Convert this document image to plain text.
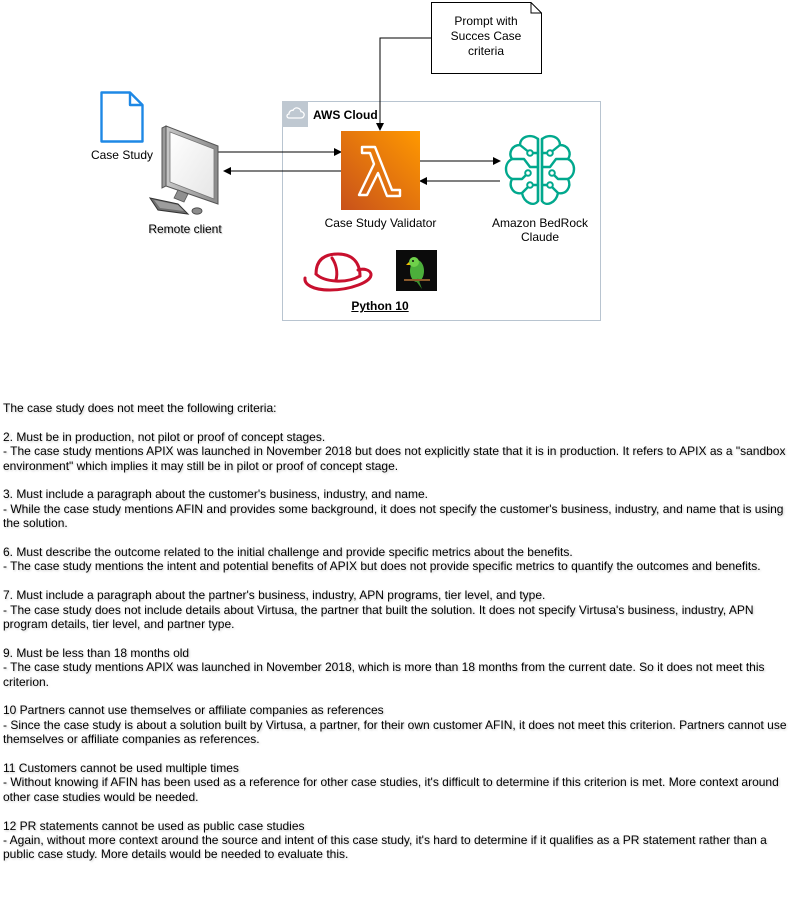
AWS Cloud
Prompt with
Succes Case
criteria
Case Study
Remote client	Case Study Validator	Amazon BedRock
Claude
Python 10

The case study does not meet the following criteria:

2. Must be in production, not pilot or proof of concept stages.

- The case study mentions APIX was launched in November 2018 but does not explicitly state that it is in production. It refers to APIX as a "sandbox environment" which implies it may still be in pilot or proof of concept stage.

3. Must include a paragraph about the customer's business, industry, and name.

- While the case study mentions AFIN and provides some background, it does not specify the customer's business, industry, and name that is using the solution.

6. Must describe the outcome related to the initial challenge and provide specific metrics about the benefits.

- The case study mentions the intent and potential benefits of APIX but does not provide specific metrics to quantify the outcomes and benefits.

7. Must include a paragraph about the partner's business, industry, APN programs, tier level, and type.

- The case study does not include details about Virtusa, the partner that built the solution. It does not specify Virtusa's business, industry, APN program details, tier level, and partner type.

9. Must be less than 18 months old

- The case study mentions APIX was launched in November 2018, which is more than 18 months from the current date. So it does not meet this criterion.

10 Partners cannot use themselves or affiliate companies as references

- Since the case study is about a solution built by Virtusa, a partner, for their own customer AFIN, it does not meet this criterion. Partners cannot use themselves or affiliate companies as references.

11 Customers cannot be used multiple times

- Without knowing if AFIN has been used as a reference for other case studies, it's difficult to determine if this criterion is met. More context around other case studies would be needed.

12 PR statements cannot be used as public case studies

- Again, without more context around the source and intent of this case study, it's hard to determine if it qualifies as a PR statement rather than a public case study. More details would be needed to evaluate this.
